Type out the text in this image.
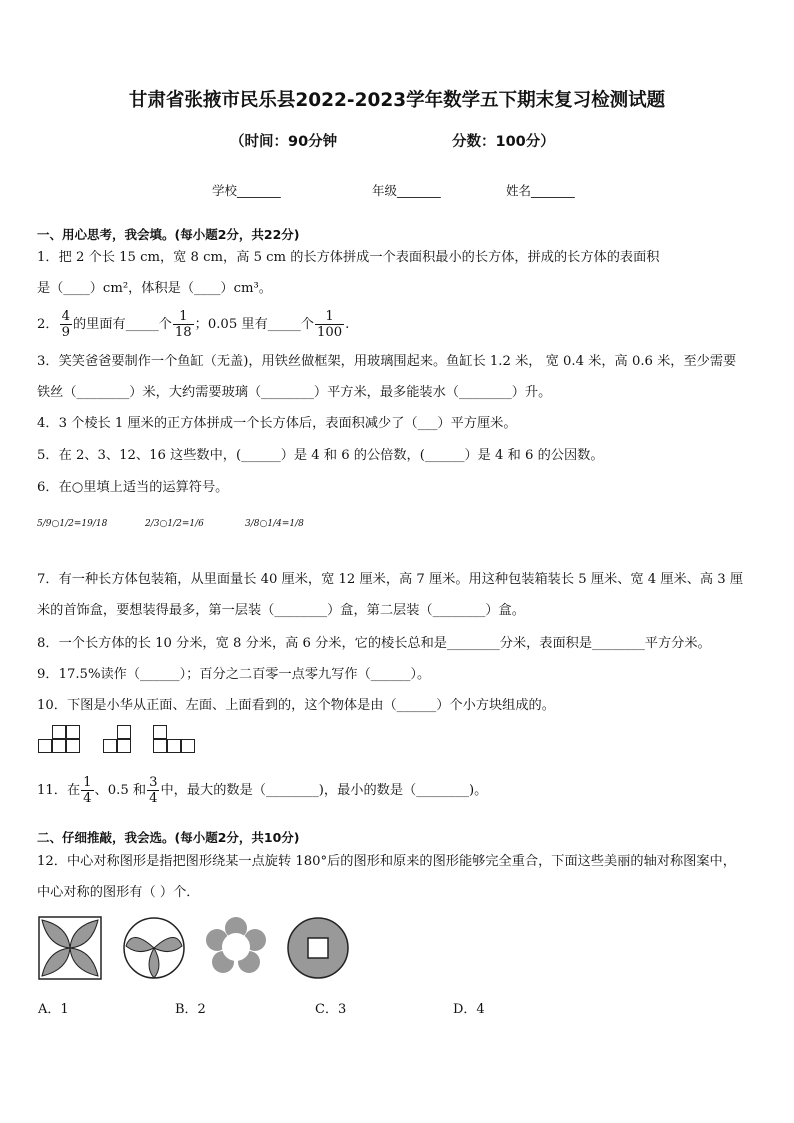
甘肃省张掖市民乐县2022-2023学年数学五下期末复习检测试题
（时间：90分钟	分数：100分）
学校_______	年级_______	姓名_______
一、用心思考，我会填。(每小题2分，共22分)
1．把 2 个长 15 cm，宽 8 cm，高 5 cm 的长方体拼成一个表面积最小的长方体，拼成的长方体的表面积
是（____）cm²，体积是（____）cm³。
2． $\frac{4}{9}$ 的里面有_____个 $\frac{1}{18}$ ；0.05 里有_____个 $\frac{1}{100}$ .
3．笑笑爸爸要制作一个鱼缸（无盖)，用铁丝做框架，用玻璃围起来。鱼缸长 1.2 米， 宽 0.4 米，高 0.6 米，至少需要
铁丝（________）米，大约需要玻璃（________）平方米，最多能装水（________）升。
4．3 个棱长 1 厘米的正方体拼成一个长方体后，表面积减少了（___）平方厘米。
5．在 2、3、12、16 这些数中，(______）是 4 和 6 的公倍数，(______）是 4 和 6 的公因数。
6．在○里填上适当的运算符号。
5/9○1/2=19/18	2/3○1/2=1/6	3/8○1/4=1/8
7．有一种长方体包装箱，从里面量长 40 厘米，宽 12 厘米，高 7 厘米。用这种包装箱装长 5 厘米、宽 4 厘米、高 3 厘
米的首饰盒，要想装得最多，第一层装（________）盒，第二层装（________）盒。
8．一个长方体的长 10 分米，宽 8 分米，高 6 分米，它的棱长总和是________分米，表面积是________平方分米。
9．17.5%读作（______）；百分之二百零一点零九写作（______）。
10．下图是小华从正面、左面、上面看到的，这个物体是由（______）个小方块组成的。
11．在 $\frac{1}{4}$ 、0.5 和 $\frac{3}{4}$ 中，最大的数是（________)，最小的数是（________)。
二、仔细推敲，我会选。(每小题2分，共10分)
12．中心对称图形是指把图形绕某一点旋转 180°后的图形和原来的图形能够完全重合，下面这些美丽的轴对称图案中，
中心对称的图形有（ ）个．
A．1	B．2	C．3	D．4
